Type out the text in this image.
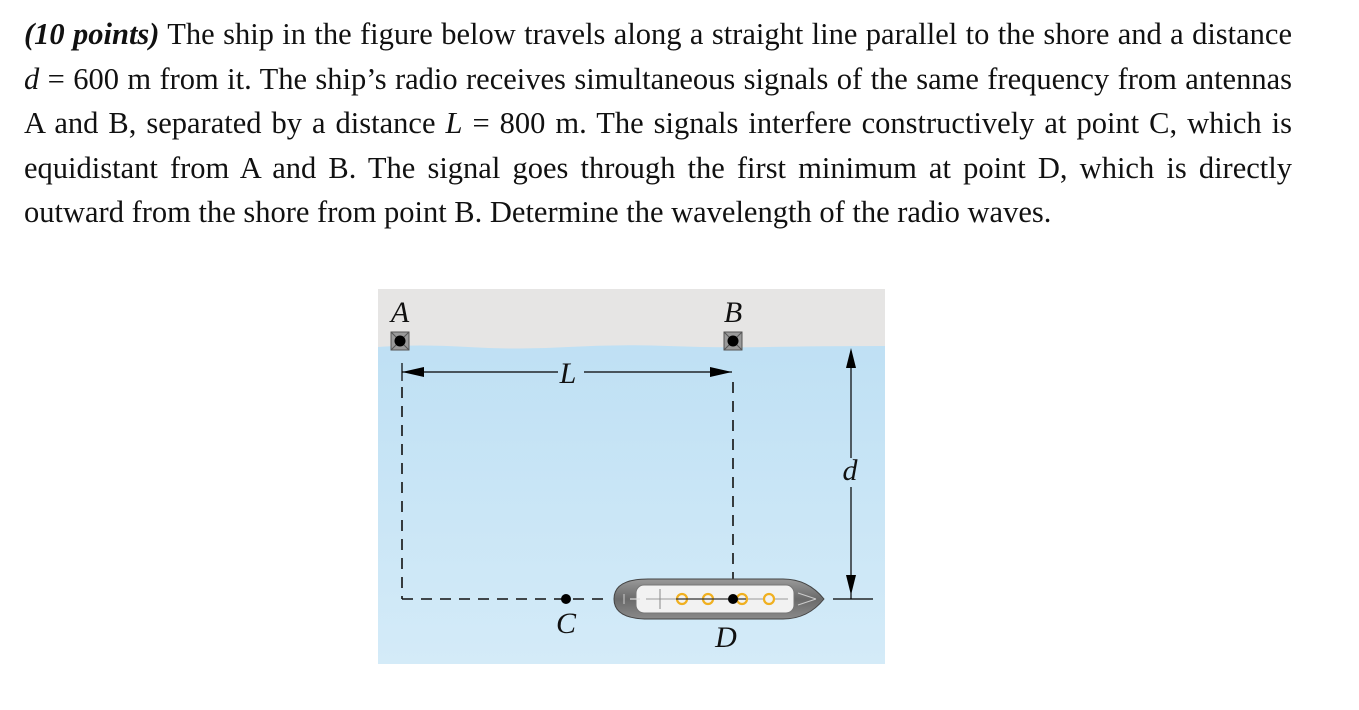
(10 points) The ship in the figure below travels along a straight line parallel to the shore and a distance d = 600 m from it. The ship’s radio receives simultaneous signals of the same frequency from antennas A and B, separated by a distance L = 800 m. The signals interfere constructively at point C, which is equidistant from A and B. The signal goes through the first minimum at point D, which is directly outward from the shore from point B. Determine the wavelength of the radio waves.

A	B
L
d
C	D
